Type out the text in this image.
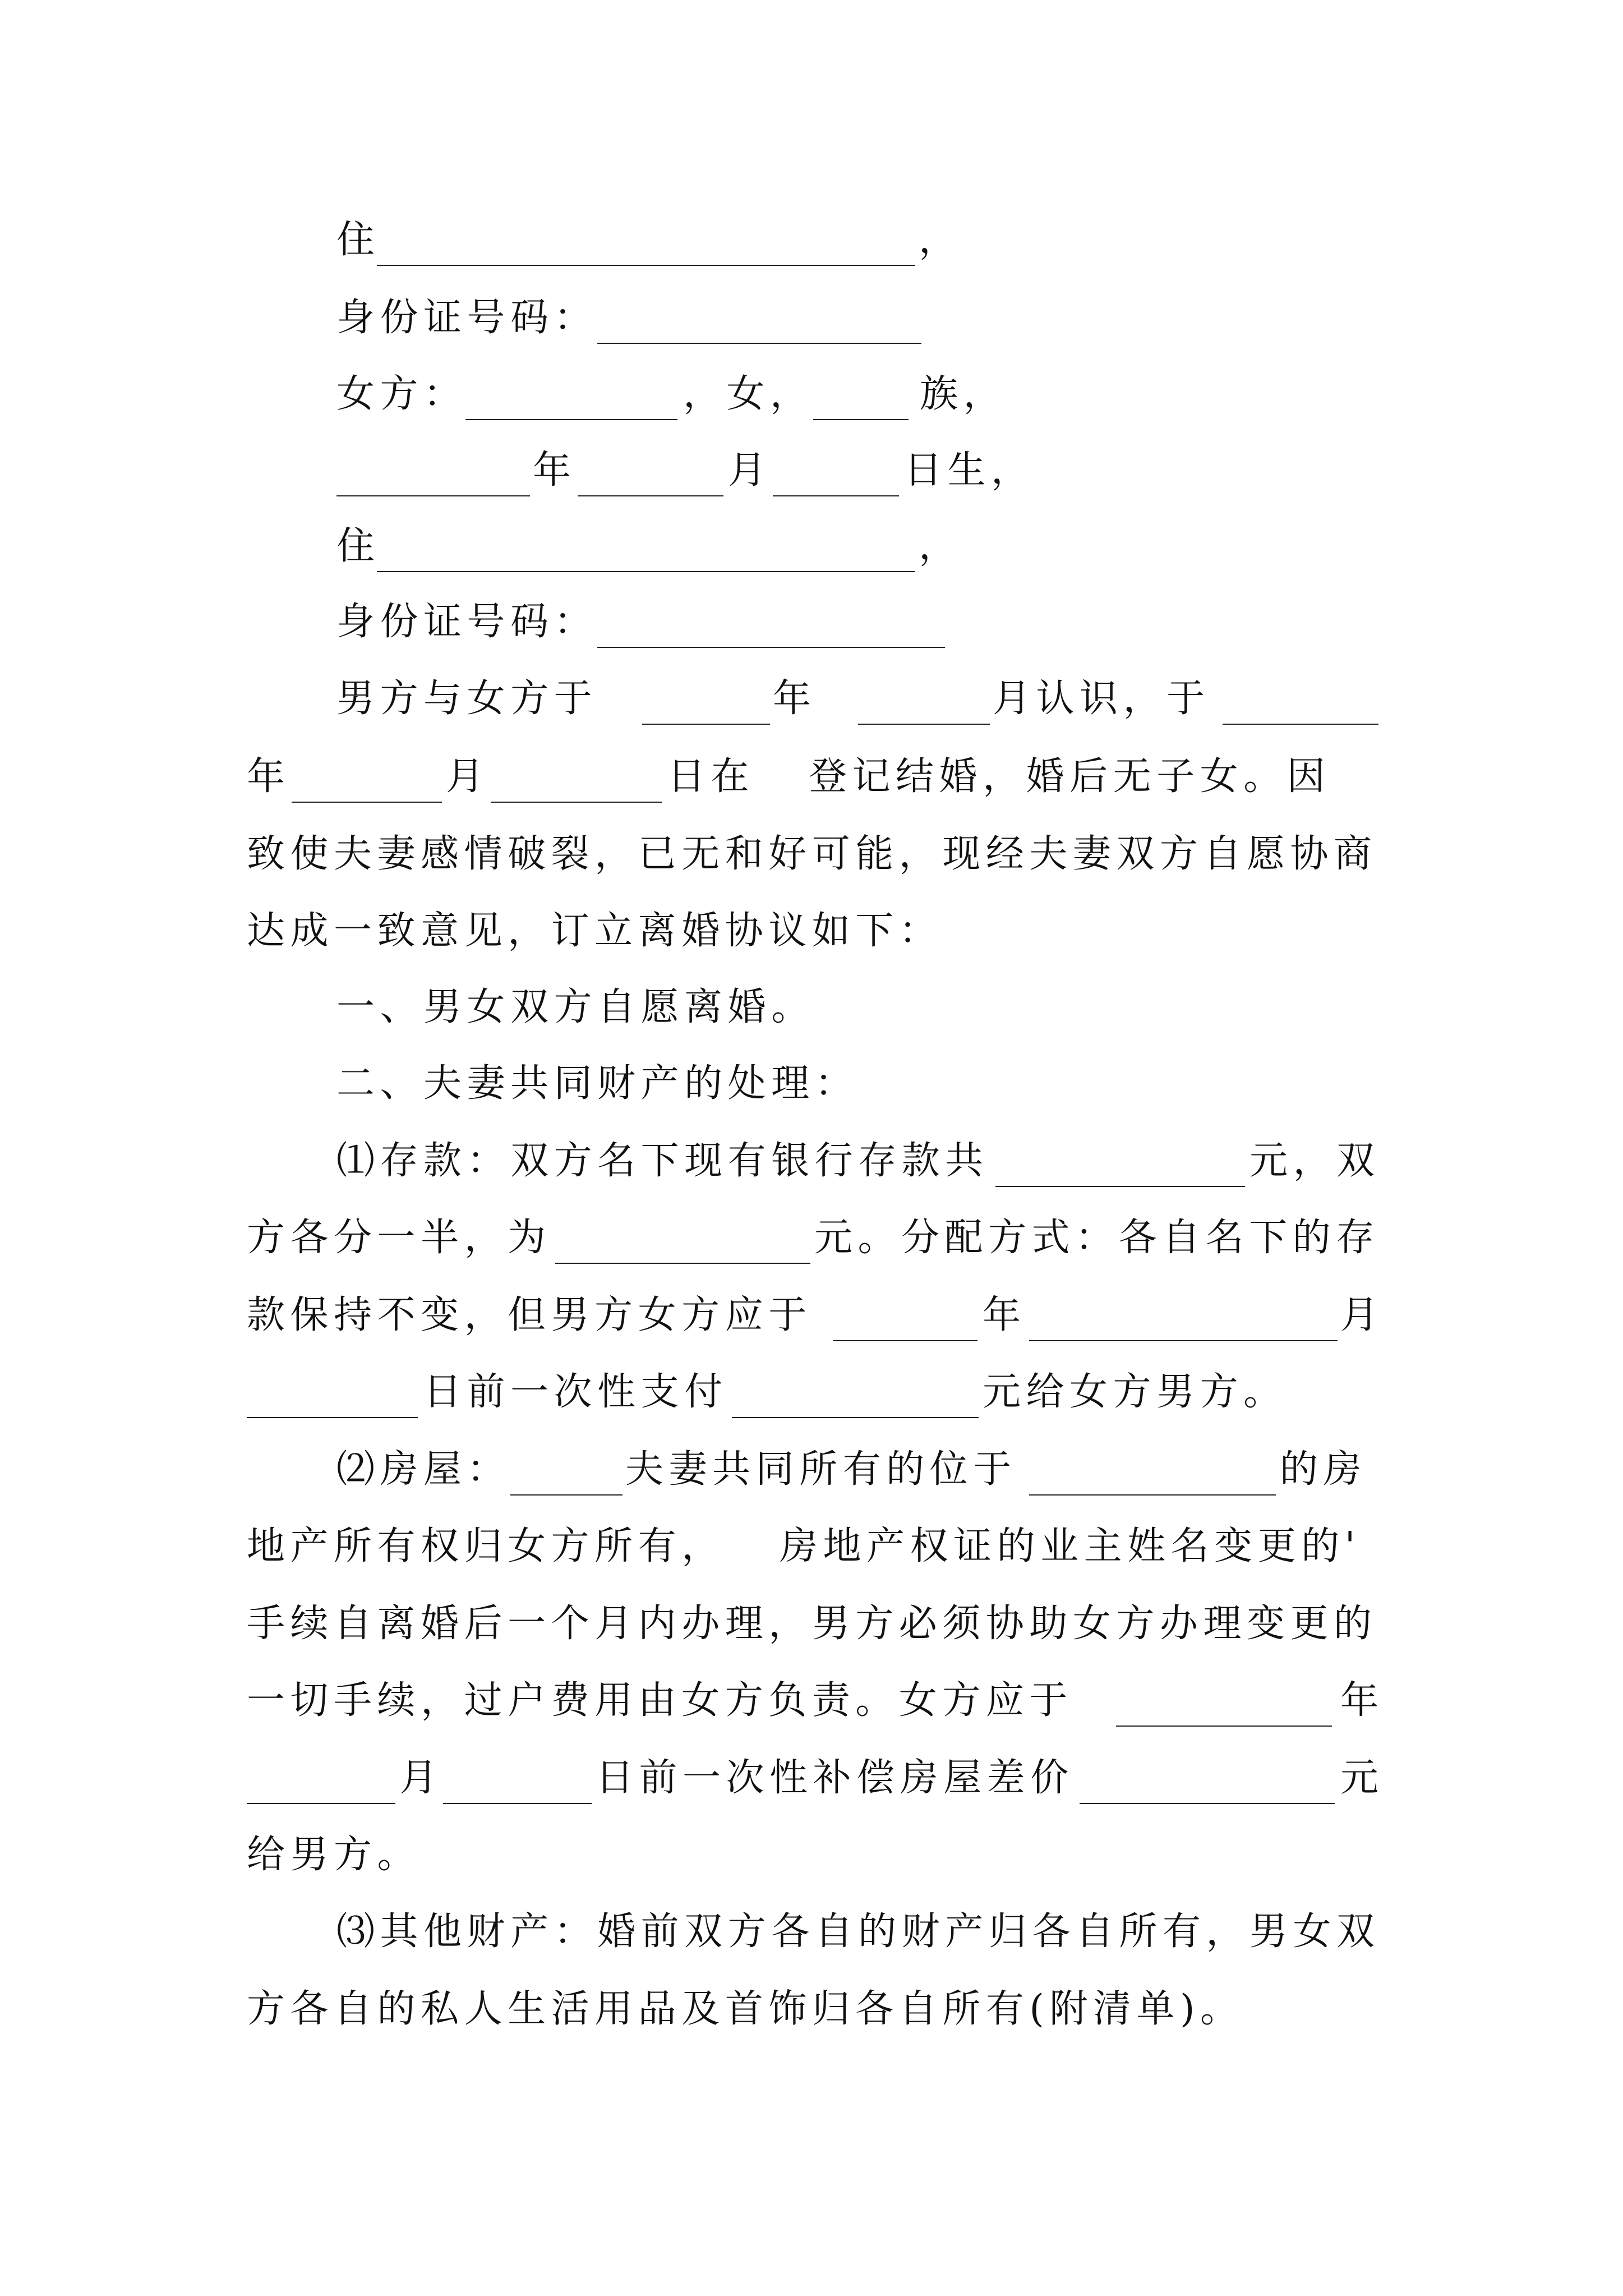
住	，
身份证号码：
女方：	，女，	族，
年	月	日生，
住	，
身份证号码：
男方与女方于	年	月认识，于
年	月	日在 登记结婚，婚后无子女。因
致使夫妻感情破裂，已无和好可能，现经夫妻双方自愿协商
达成一致意见，订立离婚协议如下：
一、男女双方自愿离婚。
二、夫妻共同财产的处理：
⑴存款：双方名下现有银行存款共	元，双
方各分一半，为	元。分配方式：各自名下的存
款保持不变，但男方女方应于	年	月
日前一次性支付	元给女方男方。
⑵房屋：	夫妻共同所有的位于	的房
地产所有权归女方所有， 房地产权证的业主姓名变更的'
手续自离婚后一个月内办理，男方必须协助女方办理变更的
一切手续，过户费用由女方负责。女方应于	年
月	日前一次性补偿房屋差价	元
给男方。
⑶其他财产：婚前双方各自的财产归各自所有，男女双
方各自的私人生活用品及首饰归各自所有(附清单)。
